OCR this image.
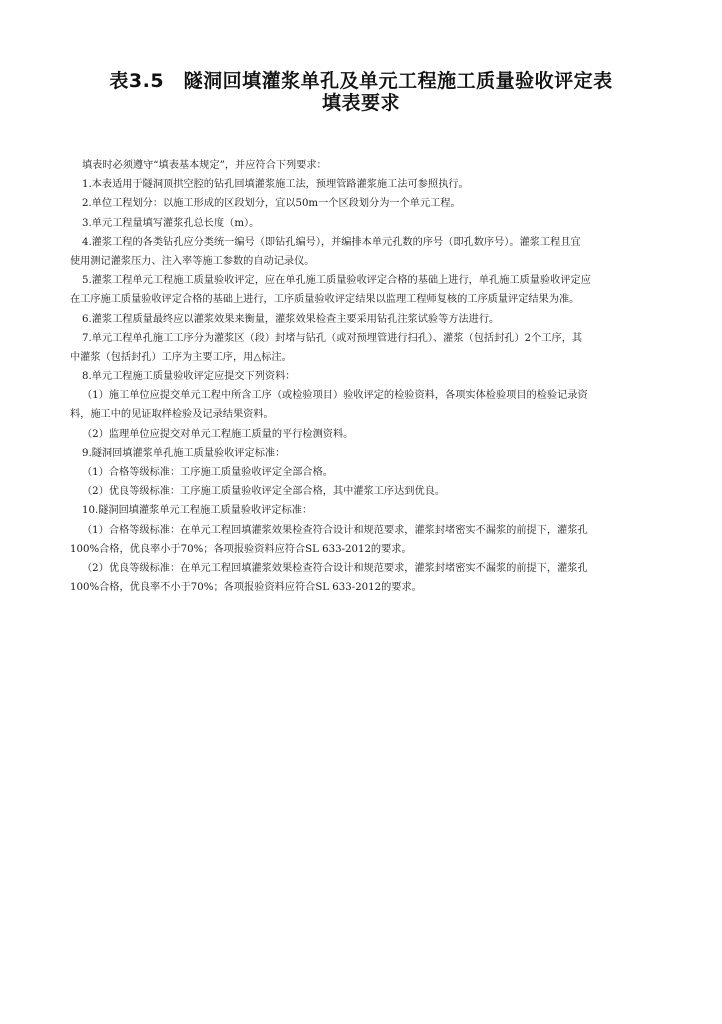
表3.5　隧洞回填灌浆单孔及单元工程施工质量验收评定表
填表要求
填表时必须遵守“填表基本规定”，并应符合下列要求：
1.本表适用于隧洞顶拱空腔的钻孔回填灌浆施工法，预埋管路灌浆施工法可参照执行。
2.单位工程划分：以施工形成的区段划分，宜以50m一个区段划分为一个单元工程。
3.单元工程量填写灌浆孔总长度（m）。
4.灌浆工程的各类钻孔应分类统一编号（即钻孔编号），并编排本单元孔数的序号（即孔数序号）。灌浆工程且宜
使用测记灌浆压力、注入率等施工参数的自动记录仪。
5.灌浆工程单元工程施工质量验收评定，应在单孔施工质量验收评定合格的基础上进行，单孔施工质量验收评定应
在工序施工质量验收评定合格的基础上进行，工序质量验收评定结果以监理工程师复核的工序质量评定结果为准。
6.灌浆工程质量最终应以灌浆效果来衡量，灌浆效果检查主要采用钻孔注浆试验等方法进行。
7.单元工程单孔施工工序分为灌浆区（段）封堵与钻孔（或对预埋管进行扫孔）、灌浆（包括封孔）2个工序，其
中灌浆（包括封孔）工序为主要工序，用△标注。
8.单元工程施工质量验收评定应提交下列资料：
（1）施工单位应提交单元工程中所含工序（或检验项目）验收评定的检验资料，各项实体检验项目的检验记录资
料，施工中的见证取样检验及记录结果资料。
（2）监理单位应提交对单元工程施工质量的平行检测资料。
9.隧洞回填灌浆单孔施工质量验收评定标准：
（1）合格等级标准：工序施工质量验收评定全部合格。
（2）优良等级标准：工序施工质量验收评定全部合格，其中灌浆工序达到优良。
10.隧洞回填灌浆单元工程施工质量验收评定标准：
（1）合格等级标准：在单元工程回填灌浆效果检查符合设计和规范要求，灌浆封堵密实不漏浆的前提下，灌浆孔
100%合格，优良率小于70%；各项报验资料应符合SL 633-2012的要求。
（2）优良等级标准：在单元工程回填灌浆效果检查符合设计和规范要求，灌浆封堵密实不漏浆的前提下，灌浆孔
100%合格，优良率不小于70%；各项报验资料应符合SL 633-2012的要求。
